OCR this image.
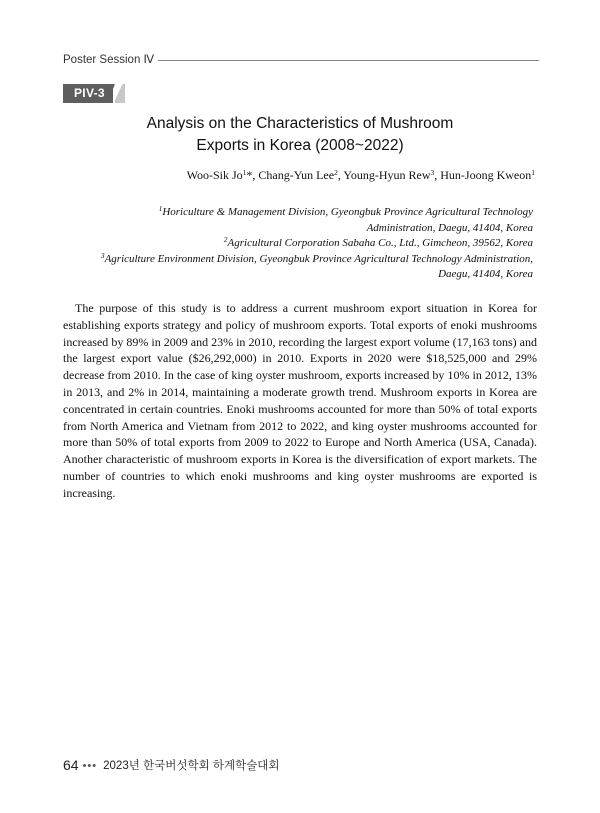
Poster Session Ⅳ
PIV-3
Analysis on the Characteristics of Mushroom
Exports in Korea (2008~2022)
Woo-Sik Jo$^1$*, Chang-Yun Lee$^2$, Young-Hyun Rew$^3$, Hun-Joong Kweon$^1$
$^1$Horiculture & Management Division, Gyeongbuk Province Agricultural Technology
Administration, Daegu, 41404, Korea
$^2$Agricultural Corporation Sabaha Co., Ltd., Gimcheon, 39562, Korea
$^3$Agriculture Environment Division, Gyeongbuk Province Agricultural Technology Administration,
Daegu, 41404, Korea

The purpose of this study is to address a current mushroom export situation in Korea for establishing exports strategy and policy of mushroom exports. Total exports of enoki mushrooms increased by 89% in 2009 and 23% in 2010, recording the largest export volume (17,163 tons) and the largest export value ($26,292,000) in 2010. Exports in 2020 were $18,525,000 and 29% decrease from 2010. In the case of king oyster mushroom, exports increased by 10% in 2012, 13% in 2013, and 2% in 2014, maintaining a moderate growth trend. Mushroom exports in Korea are concentrated in certain countries. Enoki mushrooms accounted for more than 50% of total exports from North America and Vietnam from 2012 to 2022, and king oyster mushrooms accounted for more than 50% of total exports from 2009 to 2022 to Europe and North America (USA, Canada). Another characteristic of mushroom exports in Korea is the diversification of export markets. The number of countries to which enoki mushrooms and king oyster mushrooms are exported is increasing.

64 ••• 2023년 한국버섯학회 하계학술대회
